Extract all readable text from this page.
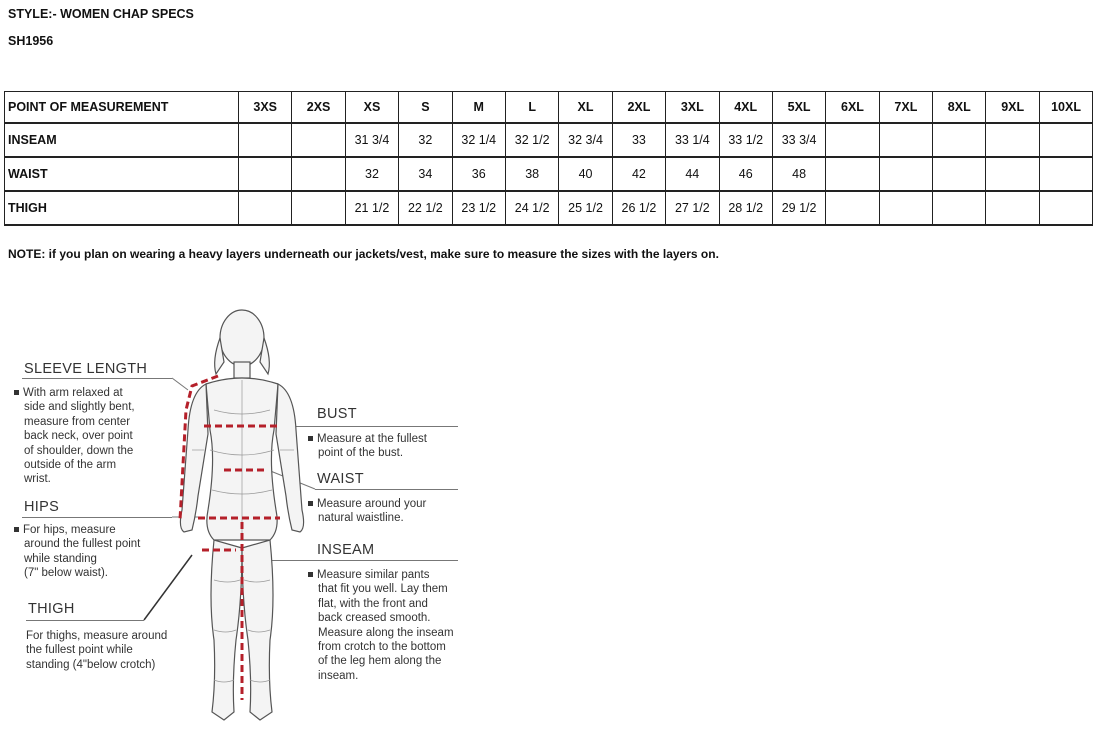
STYLE:- WOMEN CHAP SPECS
SH1956
POINT OF MEASUREMENT	3XS	2XS	XS	S	M	L	XL	2XL	3XL	4XL	5XL	6XL	7XL	8XL	9XL	10XL
INSEAM			31 3/4	32	32 1/4	32 1/2	32 3/4	33	33 1/4	33 1/2	33 3/4					
WAIST			32	34	36	38	40	42	44	46	48					
THIGH			21 1/2	22 1/2	23 1/2	24 1/2	25 1/2	26 1/2	27 1/2	28 1/2	29 1/2					
NOTE: if you plan on wearing a heavy layers underneath our jackets/vest, make sure to measure the sizes with the layers on.
SLEEVE LENGTH
With arm relaxed at
side and slightly bent,
measure from center
back neck, over point
of shoulder, down the
outside of the arm
wrist.
HIPS
For hips, measure
around the fullest point
while standing
(7" below waist).
THIGH
For thighs, measure around
the fullest point while
standing (4"below crotch)
BUST
Measure at the fullest
point of the bust.
WAIST
Measure around your
natural waistline.
INSEAM
Measure similar pants
that fit you well. Lay them
flat, with the front and
back creased smooth.
Measure along the inseam
from crotch to the bottom
of the leg hem along the
inseam.
